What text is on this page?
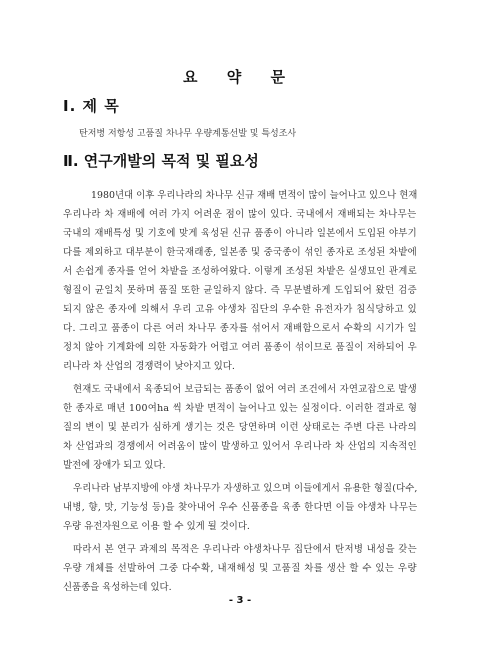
요 약 문
Ⅰ. 제 목
탄저병 저항성 고품질 차나무 우량계통선발 및 특성조사
Ⅱ. 연구개발의 목적 및 필요성
1980년대 이후 우리나라의 차나무 신규 재배 면적이 많이 늘어나고 있으나 현재
우리나라 차 재배에 여러 가지 어려운 점이 많이 있다. 국내에서 재배되는 차나무는
국내의 재배특성 및 기호에 맞게 육성된 신규 품종이 아니라 일본에서 도입된 야부기
다를 제외하고 대부분이 한국재래종, 일본종 및 중국종이 섞인 종자로 조성된 차밭에
서 손쉽게 종자를 얻어 차밭을 조성하여왔다. 이렇게 조성된 차밭은 실생묘인 관계로
형질이 균일치 못하며 품질 또한 균일하지 않다. 즉 무분별하게 도입되어 왔던 검증
되지 않은 종자에 의해서 우리 고유 야생차 집단의 우수한 유전자가 침식당하고 있
다. 그리고 품종이 다른 여러 차나무 종자를 섞어서 재배함으로서 수확의 시기가 일
정치 않아 기계화에 의한 자동화가 어렵고 여러 품종이 섞이므로 품질이 저하되어 우
리나라 차 산업의 경쟁력이 낮아지고 있다.
현재도 국내에서 육종되어 보급되는 품종이 없어 여러 조건에서 자연교잡으로 발생
한 종자로 매년 100여ha 씩 차밭 면적이 늘어나고 있는 실정이다. 이러한 결과로 형
질의 변이 및 분리가 심하게 생기는 것은 당연하며 이런 상태로는 주변 다른 나라의
차 산업과의 경쟁에서 어려움이 많이 발생하고 있어서 우리나라 차 산업의 지속적인
발전에 장애가 되고 있다.
우리나라 남부지방에 야생 차나무가 자생하고 있으며 이들에게서 유용한 형질(다수,
내병, 향, 맛, 기능성 등)을 찾아내어 우수 신품종을 육종 한다면 이들 야생차 나무는
우량 유전자원으로 이용 할 수 있게 될 것이다.
따라서 본 연구 과제의 목적은 우리나라 야생차나무 집단에서 탄저병 내성을 갖는
우량 개체를 선발하여 그중 다수확, 내재해성 및 고품질 차를 생산 할 수 있는 우량
신품종을 육성하는데 있다.
- 3 -
